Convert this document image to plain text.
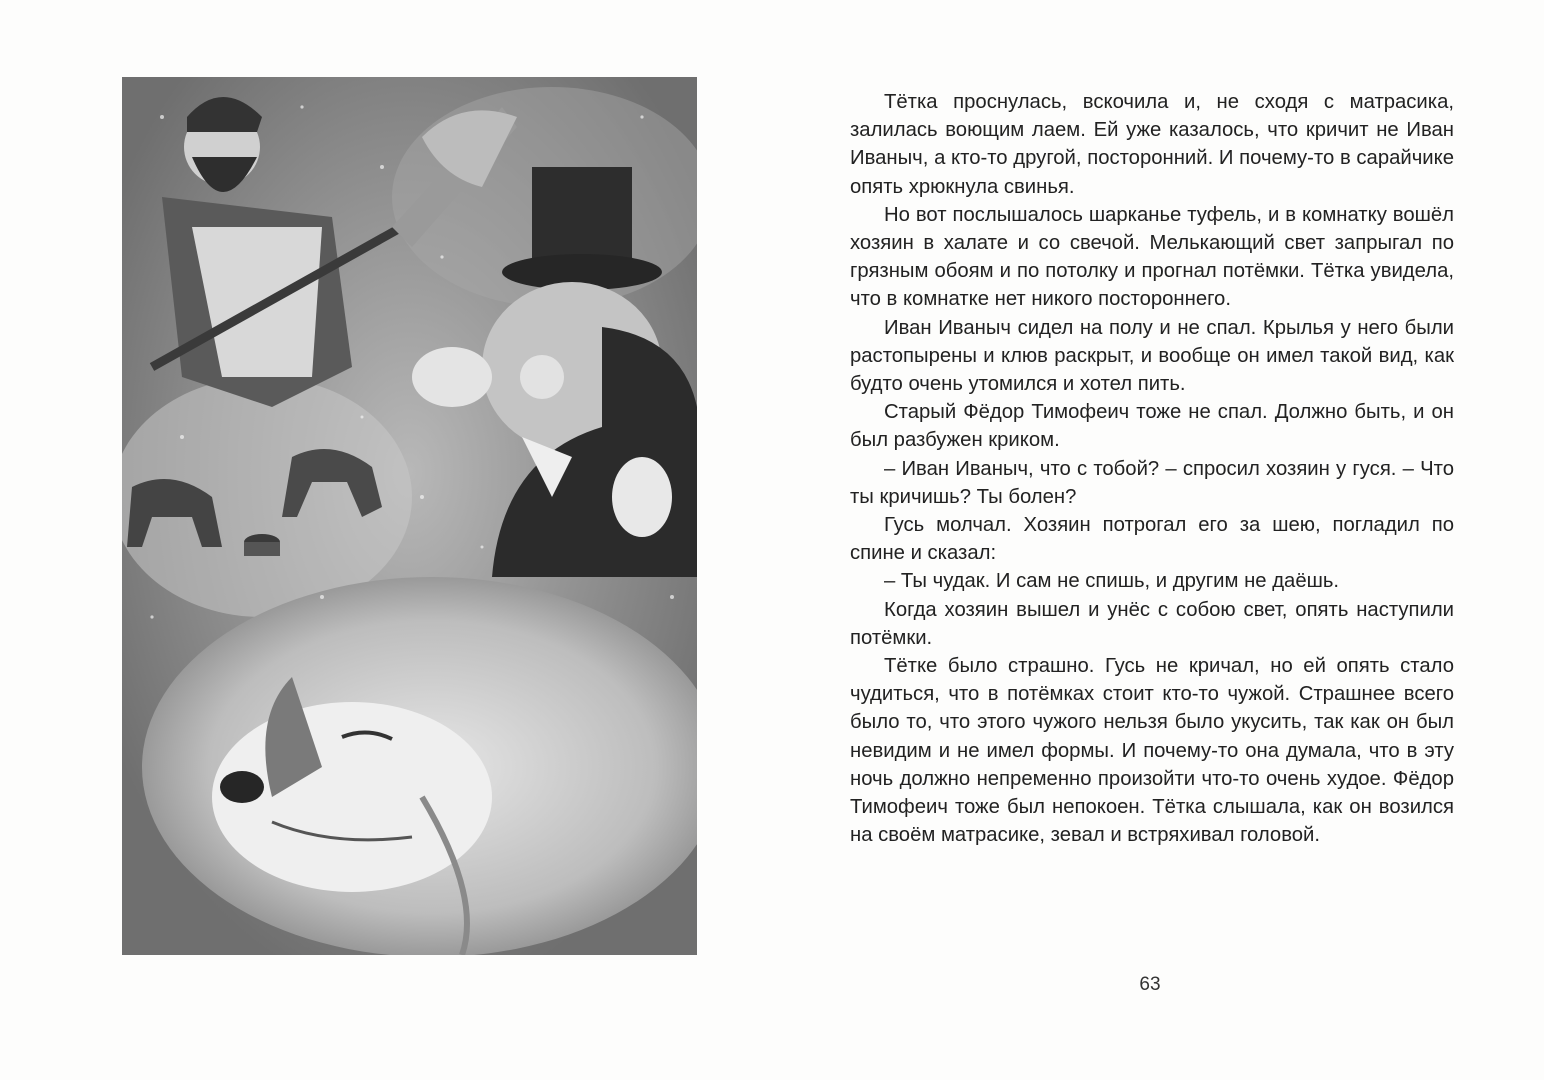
Тётка проснулась, вскочила и, не сходя с матрасика, залилась воющим лаем. Ей уже казалось, что кричит не Иван Иваныч, а кто-то другой, посторонний. И почему-то в сарайчике опять хрюкнула свинья.

Но вот послышалось шарканье туфель, и в комнатку вошёл хозяин в халате и со свечой. Мелькающий свет запрыгал по грязным обоям и по потолку и прогнал потёмки. Тётка увидела, что в комнатке нет никого постороннего.

Иван Иваныч сидел на полу и не спал. Крылья у него были растопырены и клюв раскрыт, и вообще он имел такой вид, как будто очень утомился и хотел пить.

Старый Фёдор Тимофеич тоже не спал. Должно быть, и он был разбужен криком.

– Иван Иваныч, что с тобой? – спросил хозяин у гуся. – Что ты кричишь? Ты болен?

Гусь молчал. Хозяин потрогал его за шею, погладил по спине и сказал:

– Ты чудак. И сам не спишь, и другим не даёшь.

Когда хозяин вышел и унёс с собою свет, опять наступили потёмки.

Тётке было страшно. Гусь не кричал, но ей опять стало чудиться, что в потёмках стоит кто-то чужой. Страшнее всего было то, что этого чужого нельзя было укусить, так как он был невидим и не имел формы. И почему-то она думала, что в эту ночь должно непременно произойти что-то очень худое. Фёдор Тимофеич тоже был непокоен. Тётка слышала, как он возился на своём матрасике, зевал и встряхивал головой.

63
